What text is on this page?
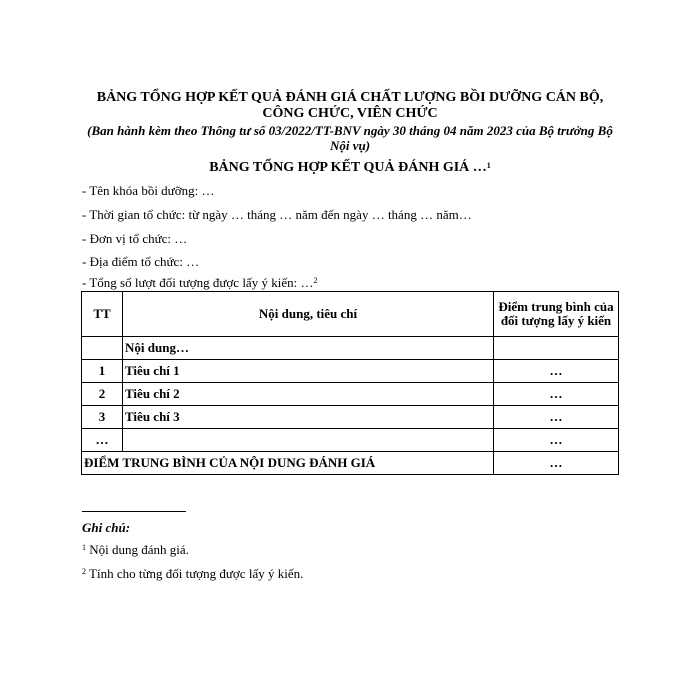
BẢNG TỔNG HỢP KẾT QUẢ ĐÁNH GIÁ CHẤT LƯỢNG BỒI DƯỠNG CÁN BỘ, CÔNG CHỨC, VIÊN CHỨC
(Ban hành kèm theo Thông tư số 03/2022/TT-BNV ngày 30 tháng 04 năm 2023 của Bộ trưởng Bộ Nội vụ)
BẢNG TỔNG HỢP KẾT QUẢ ĐÁNH GIÁ …$^1$
- Tên khóa bồi dưỡng: …
- Thời gian tổ chức: từ ngày … tháng … năm đến ngày … tháng … năm…
- Đơn vị tổ chức: …
- Địa điểm tổ chức: …
- Tổng số lượt đối tượng được lấy ý kiến: …$^2$
TT	Nội dung, tiêu chí	Điểm trung bình của đối tượng lấy ý kiến
	Nội dung…	
1	Tiêu chí 1	…
2	Tiêu chí 2	…
3	Tiêu chí 3	…
…		…
ĐIỂM TRUNG BÌNH CỦA NỘI DUNG ĐÁNH GIÁ		…
Ghi chú:
$^1$ Nội dung đánh giá.
$^2$ Tính cho từng đối tượng được lấy ý kiến.
